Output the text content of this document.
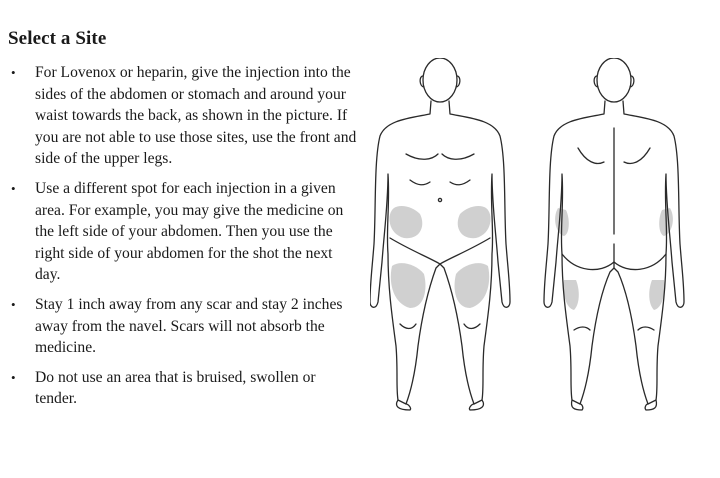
Select a Site
• For Lovenox or heparin, give the injection into the sides of the abdomen or stomach and around your waist towards the back, as shown in the picture. If you are not able to use those sites, use the front and side of the upper legs.
• Use a different spot for each injection in a given area. For example, you may give the medicine on the left side of your abdomen. Then you use the right side of your abdomen for the shot the next day.
• Stay 1 inch away from any scar and stay 2 inches away from the navel. Scars will not absorb the medicine.
• Do not use an area that is bruised, swollen or tender.
